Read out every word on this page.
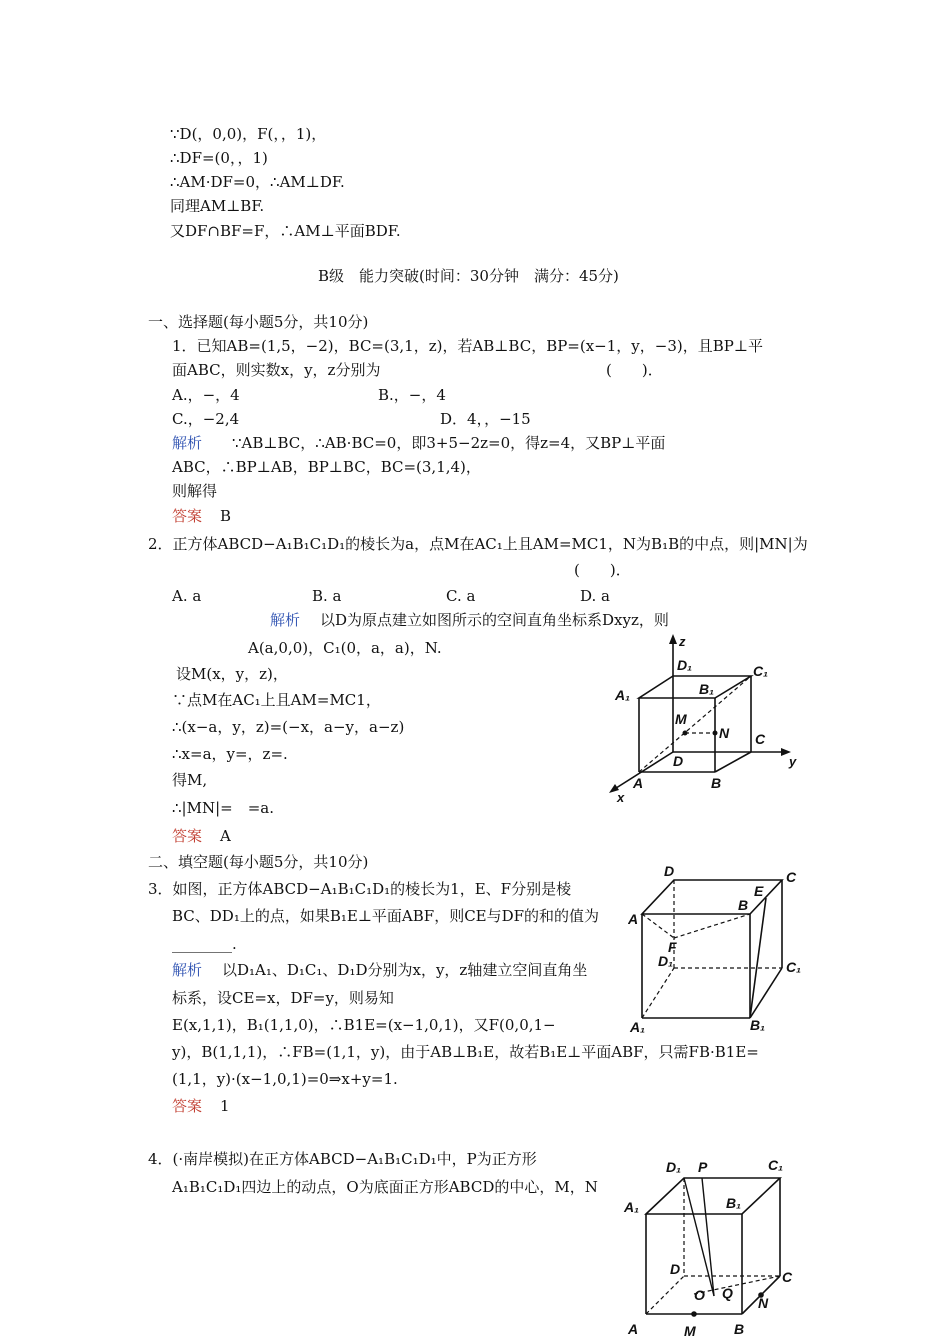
∵D(，0,0)，F(，，1)，
∴DF=(0，，1)
∴AM·DF=0，∴AM⊥DF.
同理AM⊥BF.
又DF∩BF=F，∴AM⊥平面BDF.
B级　能力突破(时间：30分钟　满分：45分)
一、选择题(每小题5分，共10分)
1．已知AB=(1,5，−2)，BC=(3,1，z)，若AB⊥BC，BP=(x−1，y，−3)，且BP⊥平
面ABC，则实数x，y，z分别为	(　　)．
A.，−，4	B.，−，4
C.，−2,4	D．4，，−15
解析 ∵AB⊥BC，∴AB·BC=0，即3+5−2z=0，得z=4，又BP⊥平面
ABC，∴BP⊥AB，BP⊥BC，BC=(3,1,4)，
则解得
答案 B
2．正方体ABCD−A₁B₁C₁D₁的棱长为a，点M在AC₁上且AM=MC1，N为B₁B的中点，则|MN|为
(　　)．
A. a	B. a	C. a	D. a
解析 以D为原点建立如图所示的空间直角坐标系Dxyz，则
A(a,0,0)，C₁(0，a，a)，N.
设M(x，y，z)，
∵点M在AC₁上且AM=MC1，
∴(x−a，y，z)=(−x，a−y，a−z)
∴x=a，y=，z=.
得M,
∴|MN|=　=a.
答案 A
z
y
x
D₁	C₁
A₁	B₁
M
N C
D
A	B
二、填空题(每小题5分，共10分)
3．如图，正方体ABCD−A₁B₁C₁D₁的棱长为1，E、F分别是棱
BC、DD₁上的点，如果B₁E⊥平面ABF，则CE与DF的和的值为
________.
解析 以D₁A₁、D₁C₁、D₁D分别为x，y，z轴建立空间直角坐
标系，设CE=x，DF=y，则易知
E(x,1,1)，B₁(1,1,0)，∴B1E=(x−1,0,1)，又F(0,0,1−
y)，B(1,1,1)，∴FB=(1,1，y)，由于AB⊥B₁E，故若B₁E⊥平面ABF，只需FB·B1E=
(1,1，y)·(x−1,0,1)=0⇒x+y=1.
答案 1
D	C
E
B
A
F
D₁	C₁
A₁	B₁
4．(·南岸模拟)在正方体ABCD−A₁B₁C₁D₁中，P为正方形
A₁B₁C₁D₁四边上的动点，O为底面正方形ABCD的中心，M，N
D₁ P	C₁
B₁
A₁
D	C
O Q
N
A	M	B
